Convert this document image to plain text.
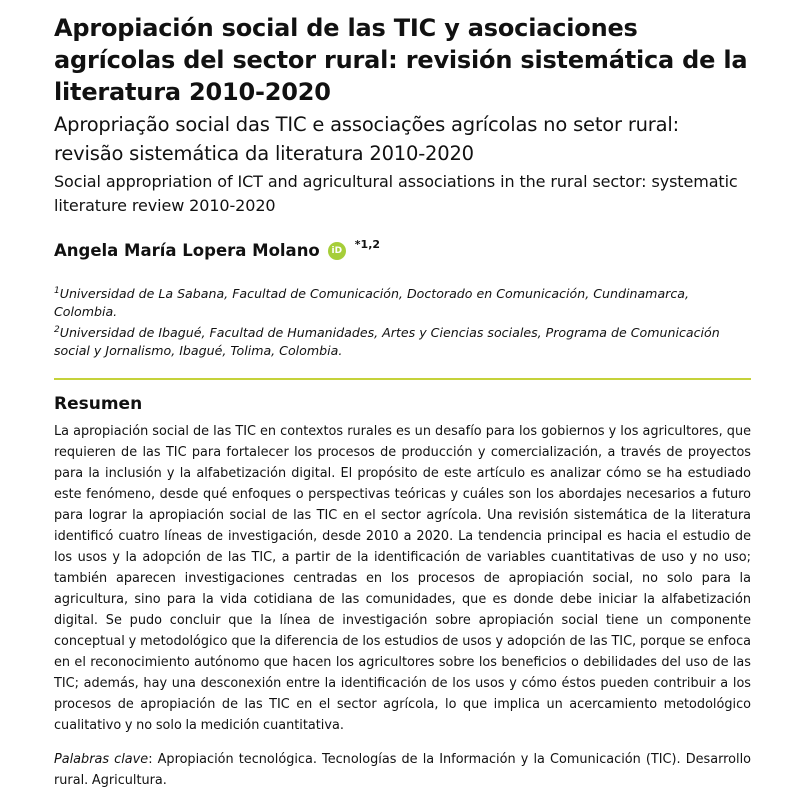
Apropiación social de las TIC y asociaciones agrícolas del sector rural: revisión sistemática de la literatura 2010-2020
Apropriação social das TIC e associações agrícolas no setor rural: revisão sistemática da literatura 2010-2020
Social appropriation of ICT and agricultural associations in the rural sector: systematic literature review 2010-2020
Angela María Lopera Molano	iD	*1,2

$^1$Universidad de La Sabana, Facultad de Comunicación, Doctorado en Comunicación, Cundinamarca, Colombia.

$^2$Universidad de Ibagué, Facultad de Humanidades, Artes y Ciencias sociales, Programa de Comunicación social y Jornalismo, Ibagué, Tolima, Colombia.

Resumen

La apropiación social de las TIC en contextos rurales es un desafío para los gobiernos y los agricultores, que requieren de las TIC para fortalecer los procesos de producción y comercialización, a través de proyectos para la inclusión y la alfabetización digital. El propósito de este artículo es analizar cómo se ha estudiado este fenómeno, desde qué enfoques o perspectivas teóricas y cuáles son los abordajes necesarios a futuro para lograr la apropiación social de las TIC en el sector agrícola. Una revisión sistemática de la literatura identificó cuatro líneas de investigación, desde 2010 a 2020. La tendencia principal es hacia el estudio de los usos y la adopción de las TIC, a partir de la identificación de variables cuantitativas de uso y no uso; también aparecen investigaciones centradas en los procesos de apropiación social, no solo para la agricultura, sino para la vida cotidiana de las comunidades, que es donde debe iniciar la alfabetización digital. Se pudo concluir que la línea de investigación sobre apropiación social tiene un componente conceptual y metodológico que la diferencia de los estudios de usos y adopción de las TIC, porque se enfoca en el reconocimiento autónomo que hacen los agricultores sobre los beneficios o debilidades del uso de las TIC; además, hay una desconexión entre la identificación de los usos y cómo éstos pueden contribuir a los procesos de apropiación de las TIC en el sector agrícola, lo que implica un acercamiento metodológico cualitativo y no solo la medición cuantitativa.

Palabras clave: Apropiación tecnológica. Tecnologías de la Información y la Comunicación (TIC). Desarrollo rural. Agricultura.
